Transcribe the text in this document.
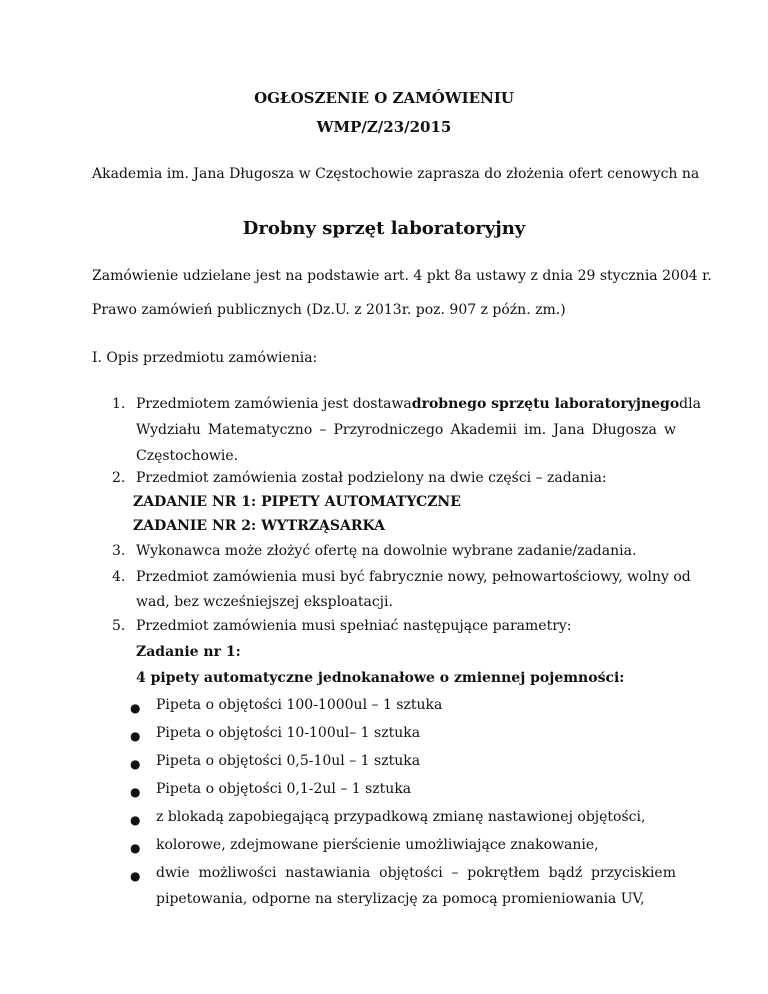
OGŁOSZENIE O ZAMÓWIENIU
WMP/Z/23/2015
Akademia im. Jana Długosza w Częstochowie zaprasza do złożenia ofert cenowych na
Drobny sprzęt laboratoryjny
Zamówienie udzielane jest na podstawie art. 4 pkt 8a ustawy z dnia 29 stycznia 2004 r.
Prawo zamówień publicznych (Dz.U. z 2013r. poz. 907 z późn. zm.)
I. Opis przedmiotu zamówienia:
1. Przedmiotem zamówienia jest dostawa drobnego sprzętu laboratoryjnego dla
Wydziału Matematyczno – Przyrodniczego Akademii im. Jana Długosza w
Częstochowie.
2. Przedmiot zamówienia został podzielony na dwie części – zadania:
ZADANIE NR 1: PIPETY AUTOMATYCZNE
ZADANIE NR 2: WYTRZĄSARKA
3. Wykonawca może złożyć ofertę na dowolnie wybrane zadanie/zadania.
4. Przedmiot zamówienia musi być fabrycznie nowy, pełnowartościowy, wolny od
wad, bez wcześniejszej eksploatacji.
5. Przedmiot zamówienia musi spełniać następujące parametry:
Zadanie nr 1:
4 pipety automatyczne jednokanałowe o zmiennej pojemności:
● Pipeta o objętości 100-1000ul – 1 sztuka
● Pipeta o objętości 10-100ul– 1 sztuka
● Pipeta o objętości 0,5-10ul – 1 sztuka
● Pipeta o objętości 0,1-2ul – 1 sztuka
● z blokadą zapobiegającą przypadkową zmianę nastawionej objętości,
● kolorowe, zdejmowane pierścienie umożliwiające znakowanie,
● dwie możliwości nastawiania objętości – pokrętłem bądź przyciskiem
pipetowania, odporne na sterylizację za pomocą promieniowania UV,
